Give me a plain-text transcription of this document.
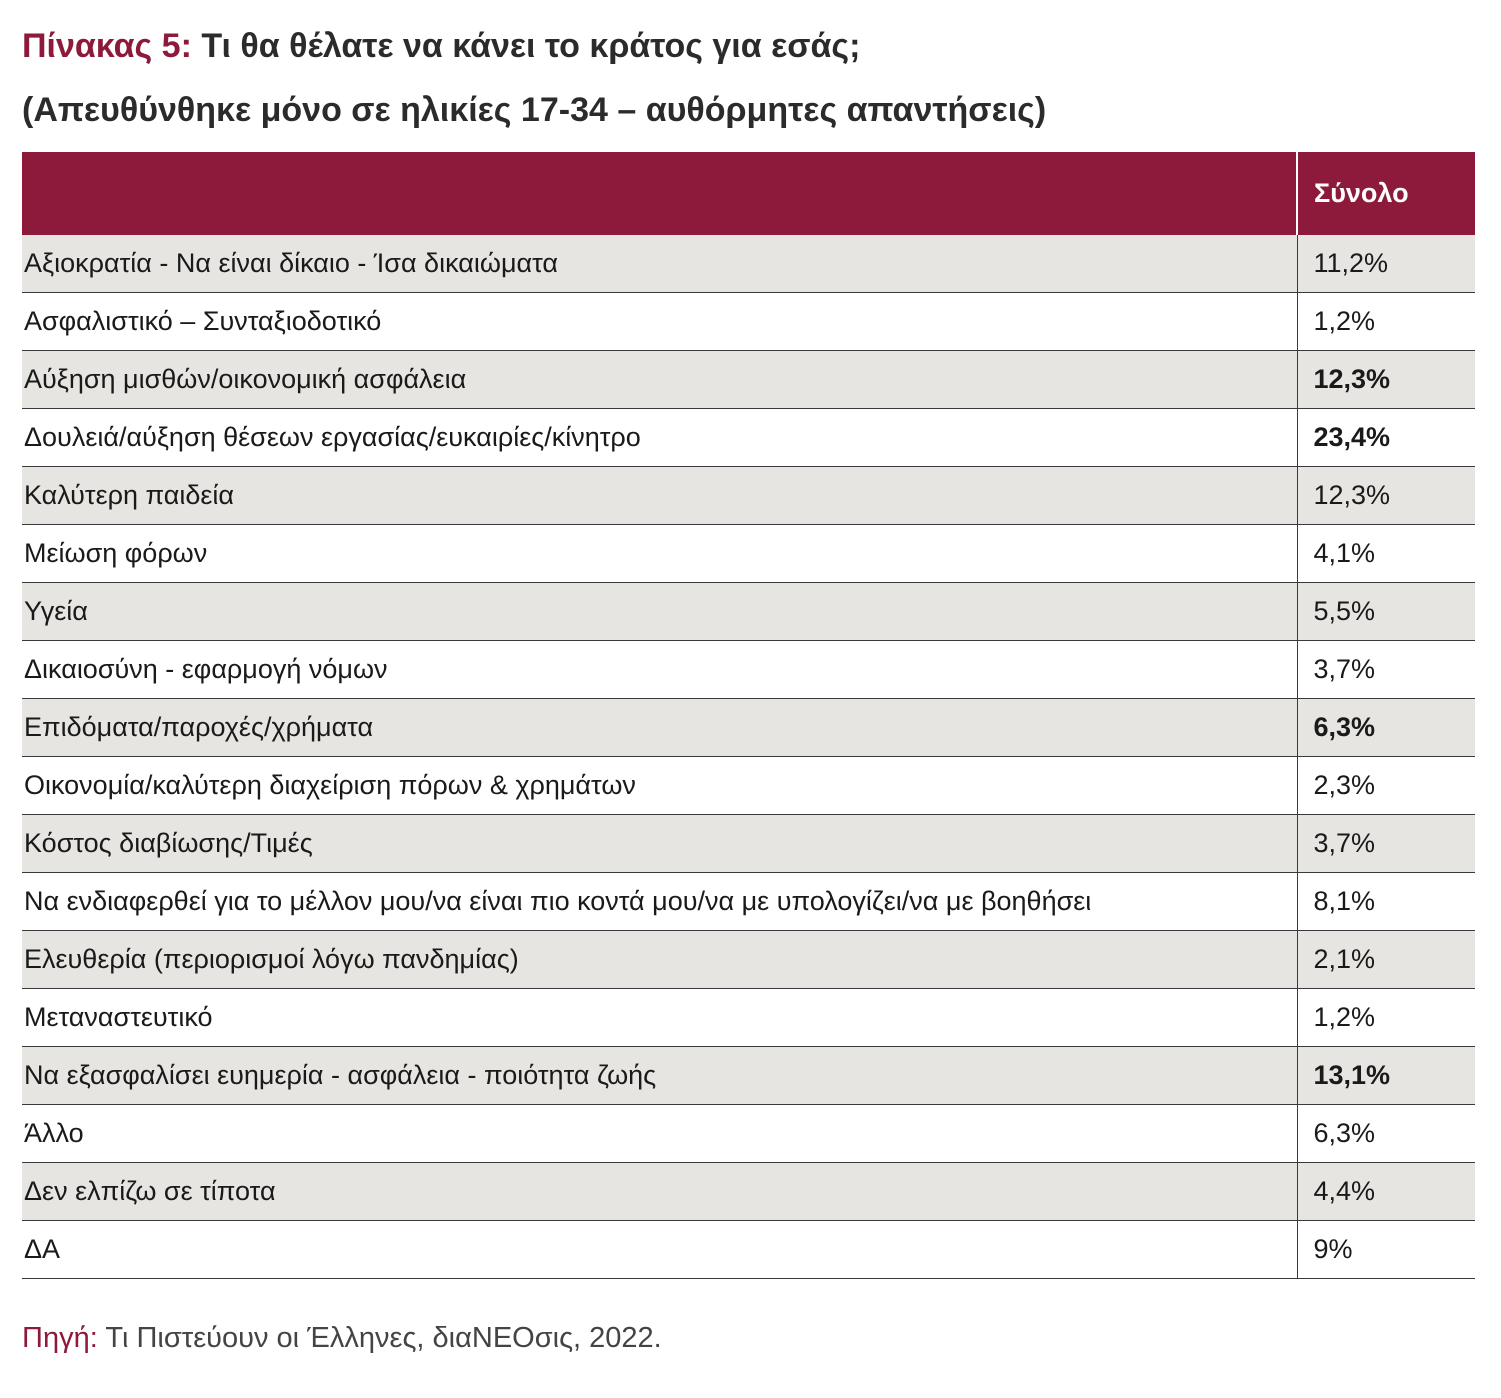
Πίνακας 5: Τι θα θέλατε να κάνει το κράτος για εσάς;
(Απευθύνθηκε μόνο σε ηλικίες 17-34 – αυθόρμητες απαντήσεις)
	Σύνολο
Αξιοκρατία - Να είναι δίκαιο - Ίσα δικαιώματα	11,2%
Ασφαλιστικό – Συνταξιοδοτικό	1,2%
Αύξηση μισθών/οικονομική ασφάλεια	12,3%
Δουλειά/αύξηση θέσεων εργασίας/ευκαιρίες/κίνητρο	23,4%
Καλύτερη παιδεία	12,3%
Μείωση φόρων	4,1%
Υγεία	5,5%
Δικαιοσύνη - εφαρμογή νόμων	3,7%
Επιδόματα/παροχές/χρήματα	6,3%
Οικονομία/καλύτερη διαχείριση πόρων & χρημάτων	2,3%
Κόστος διαβίωσης/Τιμές	3,7%
Να ενδιαφερθεί για το μέλλον μου/να είναι πιο κοντά μου/να με υπολογίζει/να με βοηθήσει	8,1%
Ελευθερία (περιορισμοί λόγω πανδημίας)	2,1%
Μεταναστευτικό	1,2%
Να εξασφαλίσει ευημερία - ασφάλεια - ποιότητα ζωής	13,1%
Άλλο	6,3%
Δεν ελπίζω σε τίποτα	4,4%
ΔΑ	9%
Πηγή: Τι Πιστεύουν οι Έλληνες, διαΝΕΟσις, 2022.
